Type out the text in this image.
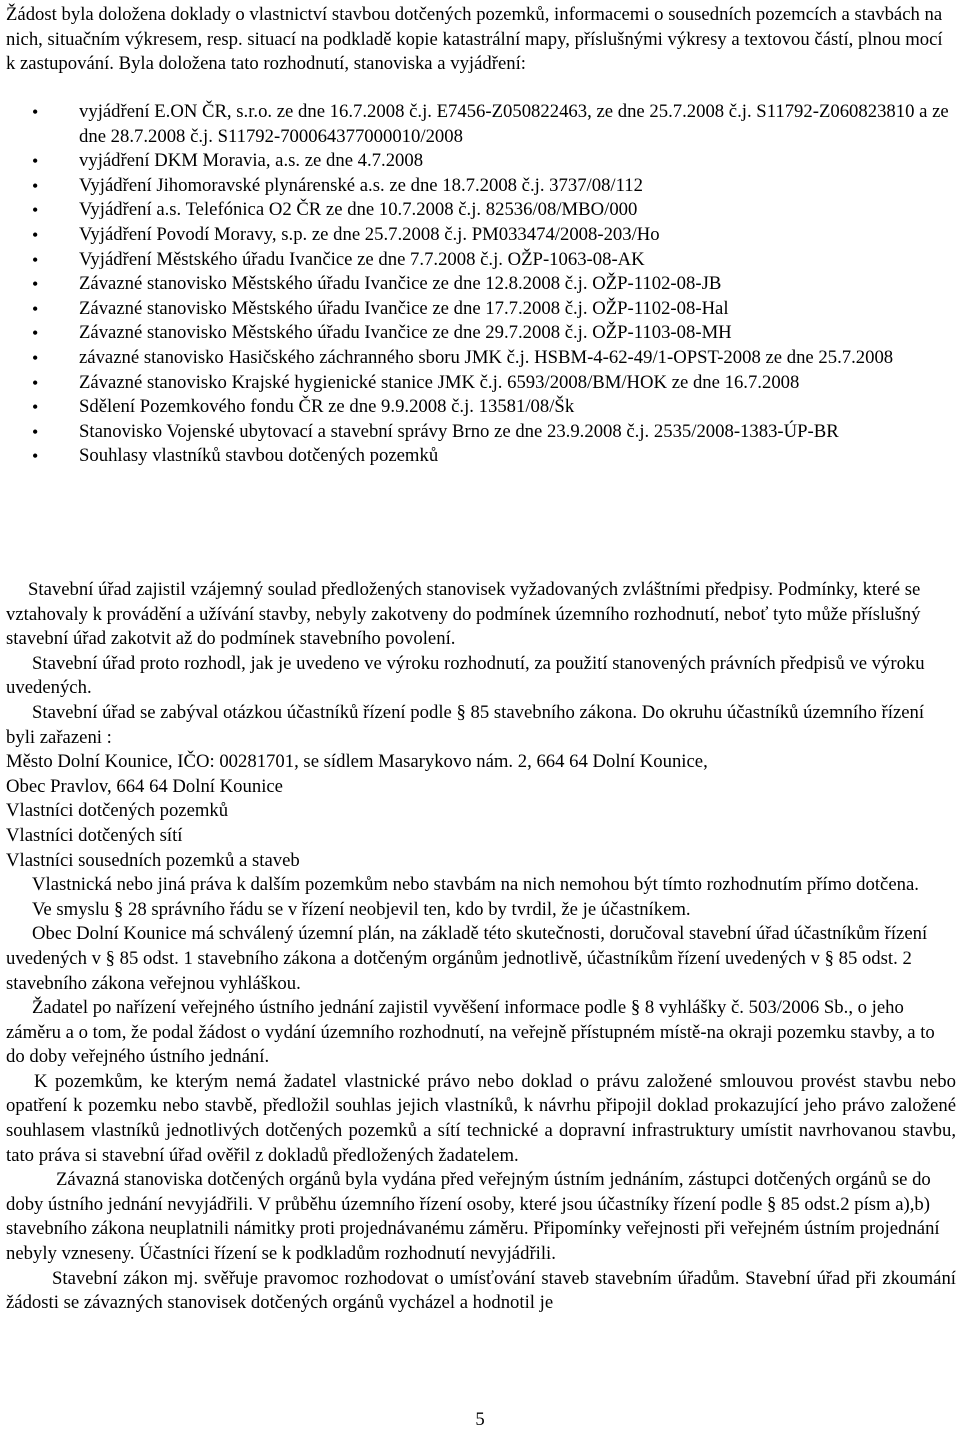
Žádost byla doložena doklady o vlastnictví stavbou dotčených pozemků, informacemi o sousedních pozemcích a stavbách na nich, situačním výkresem, resp. situací na podkladě kopie katastrální mapy, příslušnými výkresy a textovou částí, plnou mocí k zastupování. Byla doložena tato rozhodnutí, stanoviska a vyjádření:

• vyjádření E.ON ČR, s.r.o. ze dne 16.7.2008 č.j. E7456-Z050822463, ze dne 25.7.2008 č.j. S11792-Z060823810 a ze dne 28.7.2008 č.j. S11792-700064377000010/2008
• vyjádření DKM Moravia, a.s. ze dne 4.7.2008
• Vyjádření Jihomoravské plynárenské a.s. ze dne 18.7.2008 č.j. 3737/08/112
• Vyjádření a.s. Telefónica O2 ČR ze dne 10.7.2008 č.j. 82536/08/MBO/000
• Vyjádření Povodí Moravy, s.p. ze dne 25.7.2008 č.j. PM033474/2008-203/Ho
• Vyjádření Městského úřadu Ivančice ze dne 7.7.2008 č.j. OŽP-1063-08-AK
• Závazné stanovisko Městského úřadu Ivančice ze dne 12.8.2008 č.j. OŽP-1102-08-JB
• Závazné stanovisko Městského úřadu Ivančice ze dne 17.7.2008 č.j. OŽP-1102-08-Hal
• Závazné stanovisko Městského úřadu Ivančice ze dne 29.7.2008 č.j. OŽP-1103-08-MH
• závazné stanovisko Hasičského záchranného sboru JMK č.j. HSBM-4-62-49/1-OPST-2008 ze dne 25.7.2008
• Závazné stanovisko Krajské hygienické stanice JMK č.j. 6593/2008/BM/HOK ze dne 16.7.2008
• Sdělení Pozemkového fondu ČR ze dne 9.9.2008 č.j. 13581/08/Šk
• Stanovisko Vojenské ubytovací a stavební správy Brno ze dne 23.9.2008 č.j. 2535/2008-1383-ÚP-BR
• Souhlasy vlastníků stavbou dotčených pozemků
Stavební úřad zajistil vzájemný soulad předložených stanovisek vyžadovaných zvláštními předpisy. Podmínky, které se vztahovaly k provádění a užívání stavby, nebyly zakotveny do podmínek územního rozhodnutí, neboť tyto může příslušný stavební úřad zakotvit až do podmínek stavebního povolení.
Stavební úřad proto rozhodl, jak je uvedeno ve výroku rozhodnutí, za použití stanovených právních předpisů ve výroku uvedených.
Stavební úřad se zabýval otázkou účastníků řízení podle § 85 stavebního zákona. Do okruhu účastníků územního řízení byli zařazeni :
Město Dolní Kounice, IČO: 00281701, se sídlem Masarykovo nám. 2, 664 64 Dolní Kounice,
Obec Pravlov, 664 64 Dolní Kounice
Vlastníci dotčených pozemků
Vlastníci dotčených sítí
Vlastníci sousedních pozemků a staveb
Vlastnická nebo jiná práva k dalším pozemkům nebo stavbám na nich nemohou být tímto rozhodnutím přímo dotčena.
Ve smyslu § 28 správního řádu se v řízení neobjevil ten, kdo by tvrdil, že je účastníkem.
Obec Dolní Kounice má schválený územní plán, na základě této skutečnosti, doručoval stavební úřad účastníkům řízení uvedených v § 85 odst. 1 stavebního zákona a dotčeným orgánům jednotlivě, účastníkům řízení uvedených v § 85 odst. 2 stavebního zákona veřejnou vyhláškou.
Žadatel po nařízení veřejného ústního jednání zajistil vyvěšení informace podle § 8 vyhlášky č. 503/2006 Sb., o jeho záměru a o tom, že podal žádost o vydání územního rozhodnutí, na veřejně přístupném místě-na okraji pozemku stavby, a to do doby veřejného ústního jednání.
K pozemkům, ke kterým nemá žadatel vlastnické právo nebo doklad o právu založené smlouvou provést stavbu nebo opatření k pozemku nebo stavbě, předložil souhlas jejich vlastníků, k návrhu připojil doklad prokazující jeho právo založené souhlasem vlastníků jednotlivých dotčených pozemků a sítí technické a dopravní infrastruktury umístit navrhovanou stavbu, tato práva si stavební úřad ověřil z dokladů předložených žadatelem.
Závazná stanoviska dotčených orgánů byla vydána před veřejným ústním jednáním, zástupci dotčených orgánů se do doby ústního jednání nevyjádřili. V průběhu územního řízení osoby, které jsou účastníky řízení podle § 85 odst.2 písm a),b) stavebního zákona neuplatnili námitky proti projednávanému záměru. Připomínky veřejnosti při veřejném ústním projednání nebyly vzneseny. Účastníci řízení se k podkladům rozhodnutí nevyjádřili.
Stavební zákon mj. svěřuje pravomoc rozhodovat o umísťování staveb stavebním úřadům. Stavební úřad při zkoumání žádosti se závazných stanovisek dotčených orgánů vycházel a hodnotil je
5
